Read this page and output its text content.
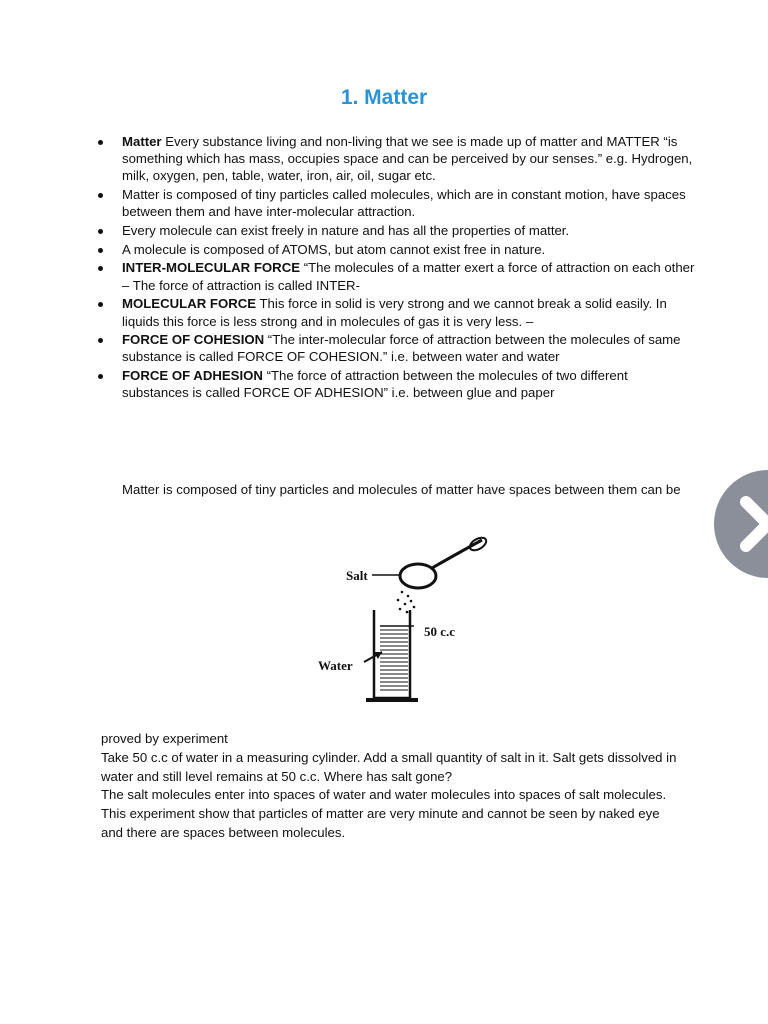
1. Matter
Matter Every substance living and non-living that we see is made up of matter and MATTER “is something which has mass, occupies space and can be perceived by our senses.” e.g. Hydrogen, milk, oxygen, pen, table, water, iron, air, oil, sugar etc.
Matter is composed of tiny particles called molecules, which are in constant motion, have spaces between them and have inter-molecular attraction.
Every molecule can exist freely in nature and has all the properties of matter.
A molecule is composed of ATOMS, but atom cannot exist free in nature.
INTER-MOLECULAR FORCE “The molecules of a matter exert a force of attraction on each other – The force of attraction is called INTER-
MOLECULAR FORCE This force in solid is very strong and we cannot break a solid easily. In liquids this force is less strong and in molecules of gas it is very less. –
FORCE OF COHESION “The inter-molecular force of attraction between the molecules of same substance is called FORCE OF COHESION.” i.e. between water and water
FORCE OF ADHESION “The force of attraction between the molecules of two different substances is called FORCE OF ADHESION” i.e. between glue and paper
Matter is composed of tiny particles and molecules of matter have spaces between them can be
Salt
50 c.c
Water

proved by experiment

Take 50 c.c of water in a measuring cylinder. Add a small quantity of salt in it. Salt gets dissolved in water and still level remains at 50 c.c. Where has salt gone?

The salt molecules enter into spaces of water and water molecules into spaces of salt molecules. This experiment show that particles of matter are very minute and cannot be seen by naked eye and there are spaces between molecules.
